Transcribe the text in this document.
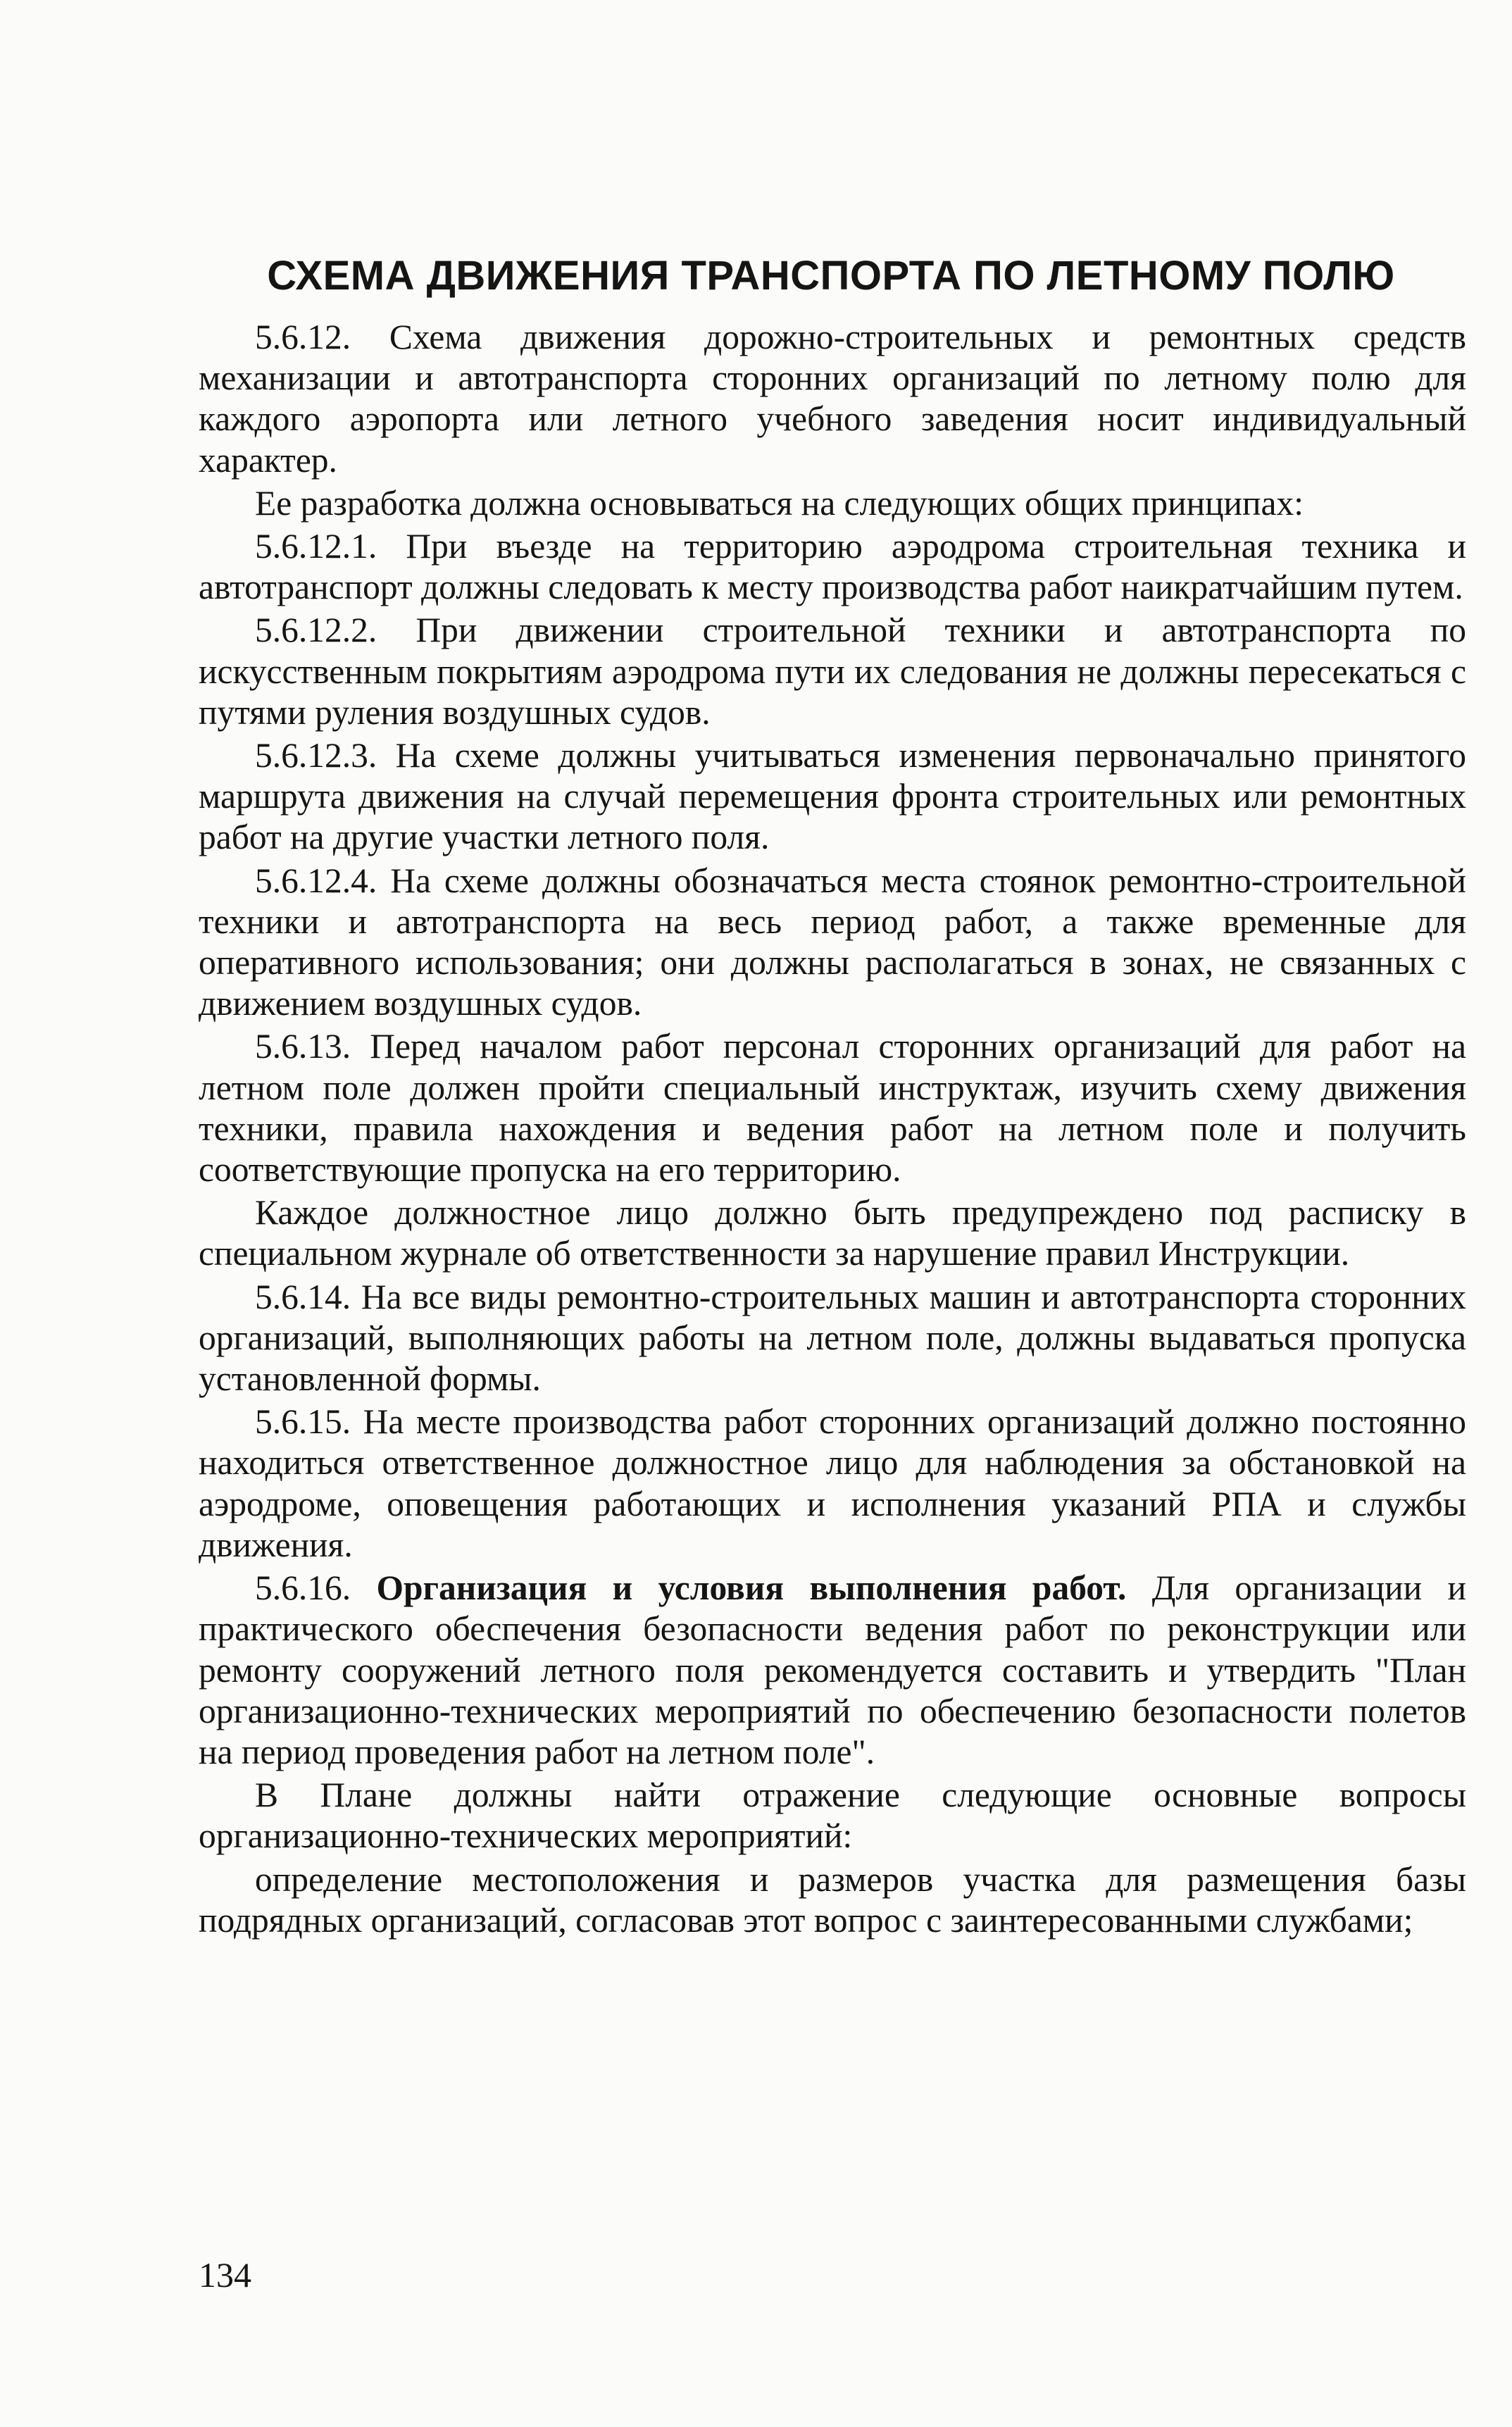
СХЕМА ДВИЖЕНИЯ ТРАНСПОРТА ПО ЛЕТНОМУ ПОЛЮ

5.6.12. Схема движения дорожно-строительных и ремонтных средств механизации и автотранспорта сторонних организаций по летному полю для каждого аэропорта или летного учебного заведения носит индивидуальный характер.

Ее разработка должна основываться на следующих общих принципах:

5.6.12.1. При въезде на территорию аэродрома строительная техника и автотранспорт должны следовать к месту производства работ наикратчайшим путем.

5.6.12.2. При движении строительной техники и автотранспорта по искусственным покрытиям аэродрома пути их следования не должны пересекаться с путями руления воздушных судов.

5.6.12.3. На схеме должны учитываться изменения первоначально принятого маршрута движения на случай перемещения фронта строительных или ремонтных работ на другие участки летного поля.

5.6.12.4. На схеме должны обозначаться места стоянок ремонтно-строительной техники и автотранспорта на весь период работ, а также временные для оперативного использования; они должны располагаться в зонах, не связанных с движением воздушных судов.

5.6.13. Перед началом работ персонал сторонних организаций для работ на летном поле должен пройти специальный инструктаж, изучить схему движения техники, правила нахождения и ведения работ на летном поле и получить соответствующие пропуска на его территорию.

Каждое должностное лицо должно быть предупреждено под расписку в специальном журнале об ответственности за нарушение правил Инструкции.

5.6.14. На все виды ремонтно-строительных машин и автотранспорта сторонних организаций, выполняющих работы на летном поле, должны выдаваться пропуска установленной формы.

5.6.15. На месте производства работ сторонних организаций должно постоянно находиться ответственное должностное лицо для наблюдения за обстановкой на аэродроме, оповещения работающих и исполнения указаний РПА и службы движения.

5.6.16. Организация и условия выполнения работ. Для организации и практического обеспечения безопасности ведения работ по реконструкции или ремонту сооружений летного поля рекомендуется составить и утвердить "План организационно-технических мероприятий по обеспечению безопасности полетов на период проведения работ на летном поле".

В Плане должны найти отражение следующие основные вопросы организационно-технических мероприятий:

определение местоположения и размеров участка для размещения базы подрядных организаций, согласовав этот вопрос с заинтересованными службами;

134
